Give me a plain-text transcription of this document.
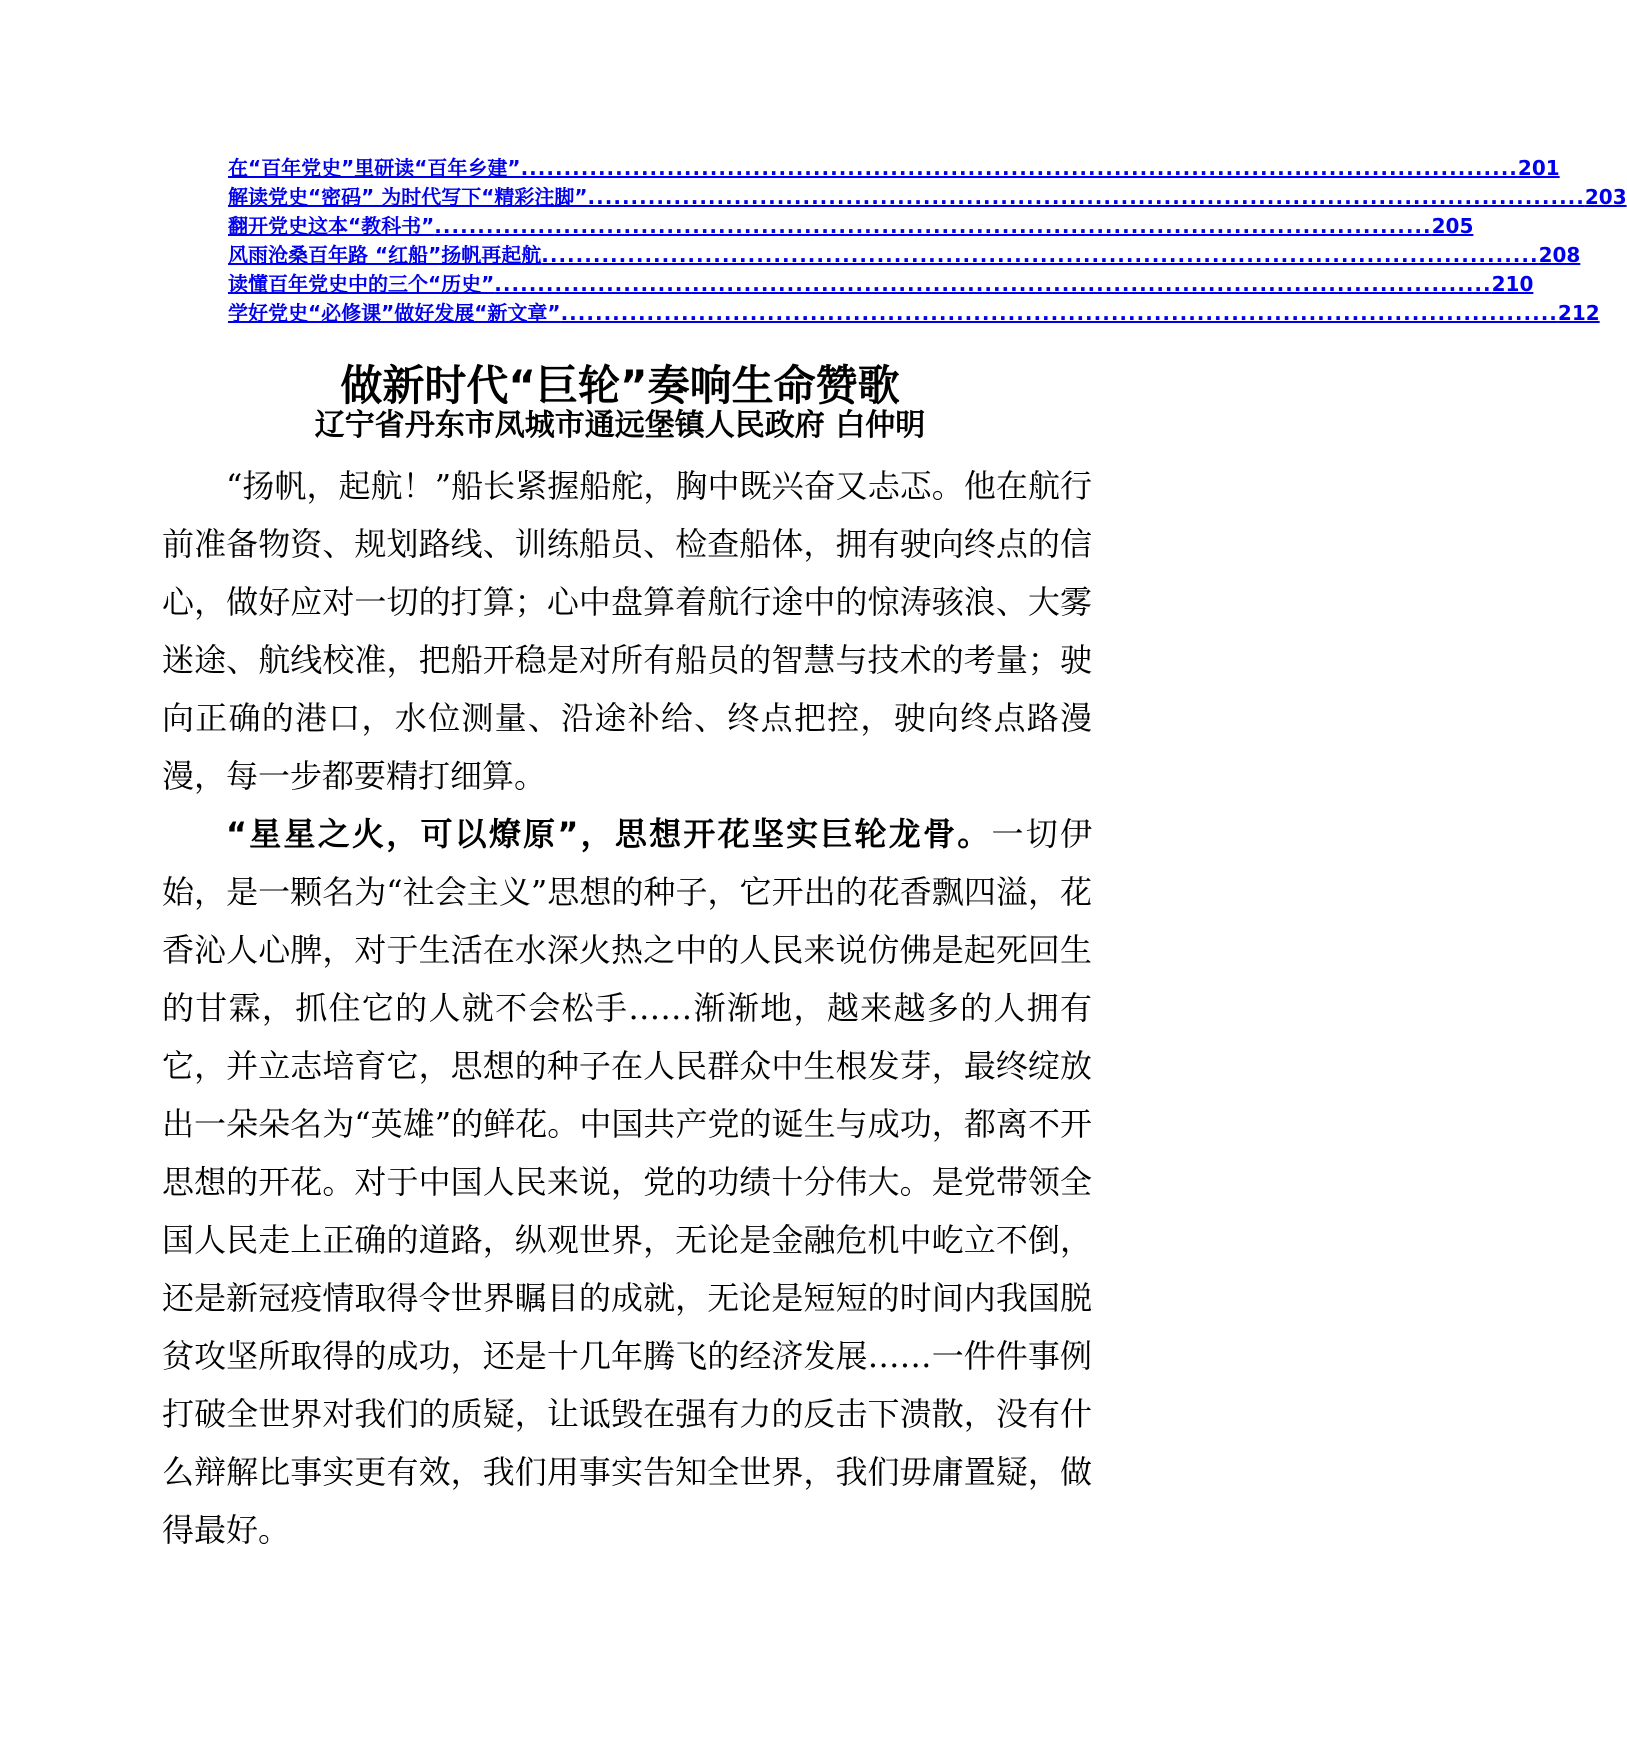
在“百年党史”里研读“百年乡建” .................................................................................................................... 201
解读党史“密码” 为时代写下“精彩注脚” .................................................................................................................... 203
翻开党史这本“教科书” .................................................................................................................... 205
风雨沧桑百年路 “红船”扬帆再起航 .................................................................................................................... 208
读懂百年党史中的三个“历史” .................................................................................................................... 210
学好党史“必修课”做好发展“新文章” .................................................................................................................... 212
做新时代“巨轮”奏响生命赞歌
辽宁省丹东市凤城市通远堡镇人民政府 白仲明

“扬帆，起航！”船长紧握船舵，胸中既兴奋又忐忑。他在航行前准备物资、规划路线、训练船员、检查船体，拥有驶向终点的信心，做好应对一切的打算；心中盘算着航行途中的惊涛骇浪、大雾迷途、航线校准，把船开稳是对所有船员的智慧与技术的考量；驶向正确的港口，水位测量、沿途补给、终点把控，驶向终点路漫漫，每一步都要精打细算。

“星星之火，可以燎原”，思想开花坚实巨轮龙骨。一切伊始，是一颗名为“社会主义”思想的种子，它开出的花香飘四溢，花香沁人心脾，对于生活在水深火热之中的人民来说仿佛是起死回生的甘霖，抓住它的人就不会松手……渐渐地，越来越多的人拥有它，并立志培育它，思想的种子在人民群众中生根发芽，最终绽放出一朵朵名为“英雄”的鲜花。中国共产党的诞生与成功，都离不开思想的开花。对于中国人民来说，党的功绩十分伟大。是党带领全国人民走上正确的道路，纵观世界，无论是金融危机中屹立不倒，还是新冠疫情取得令世界瞩目的成就，无论是短短的时间内我国脱贫攻坚所取得的成功，还是十几年腾飞的经济发展……一件件事例打破全世界对我们的质疑，让诋毁在强有力的反击下溃散，没有什么辩解比事实更有效，我们用事实告知全世界，我们毋庸置疑，做得最好。
